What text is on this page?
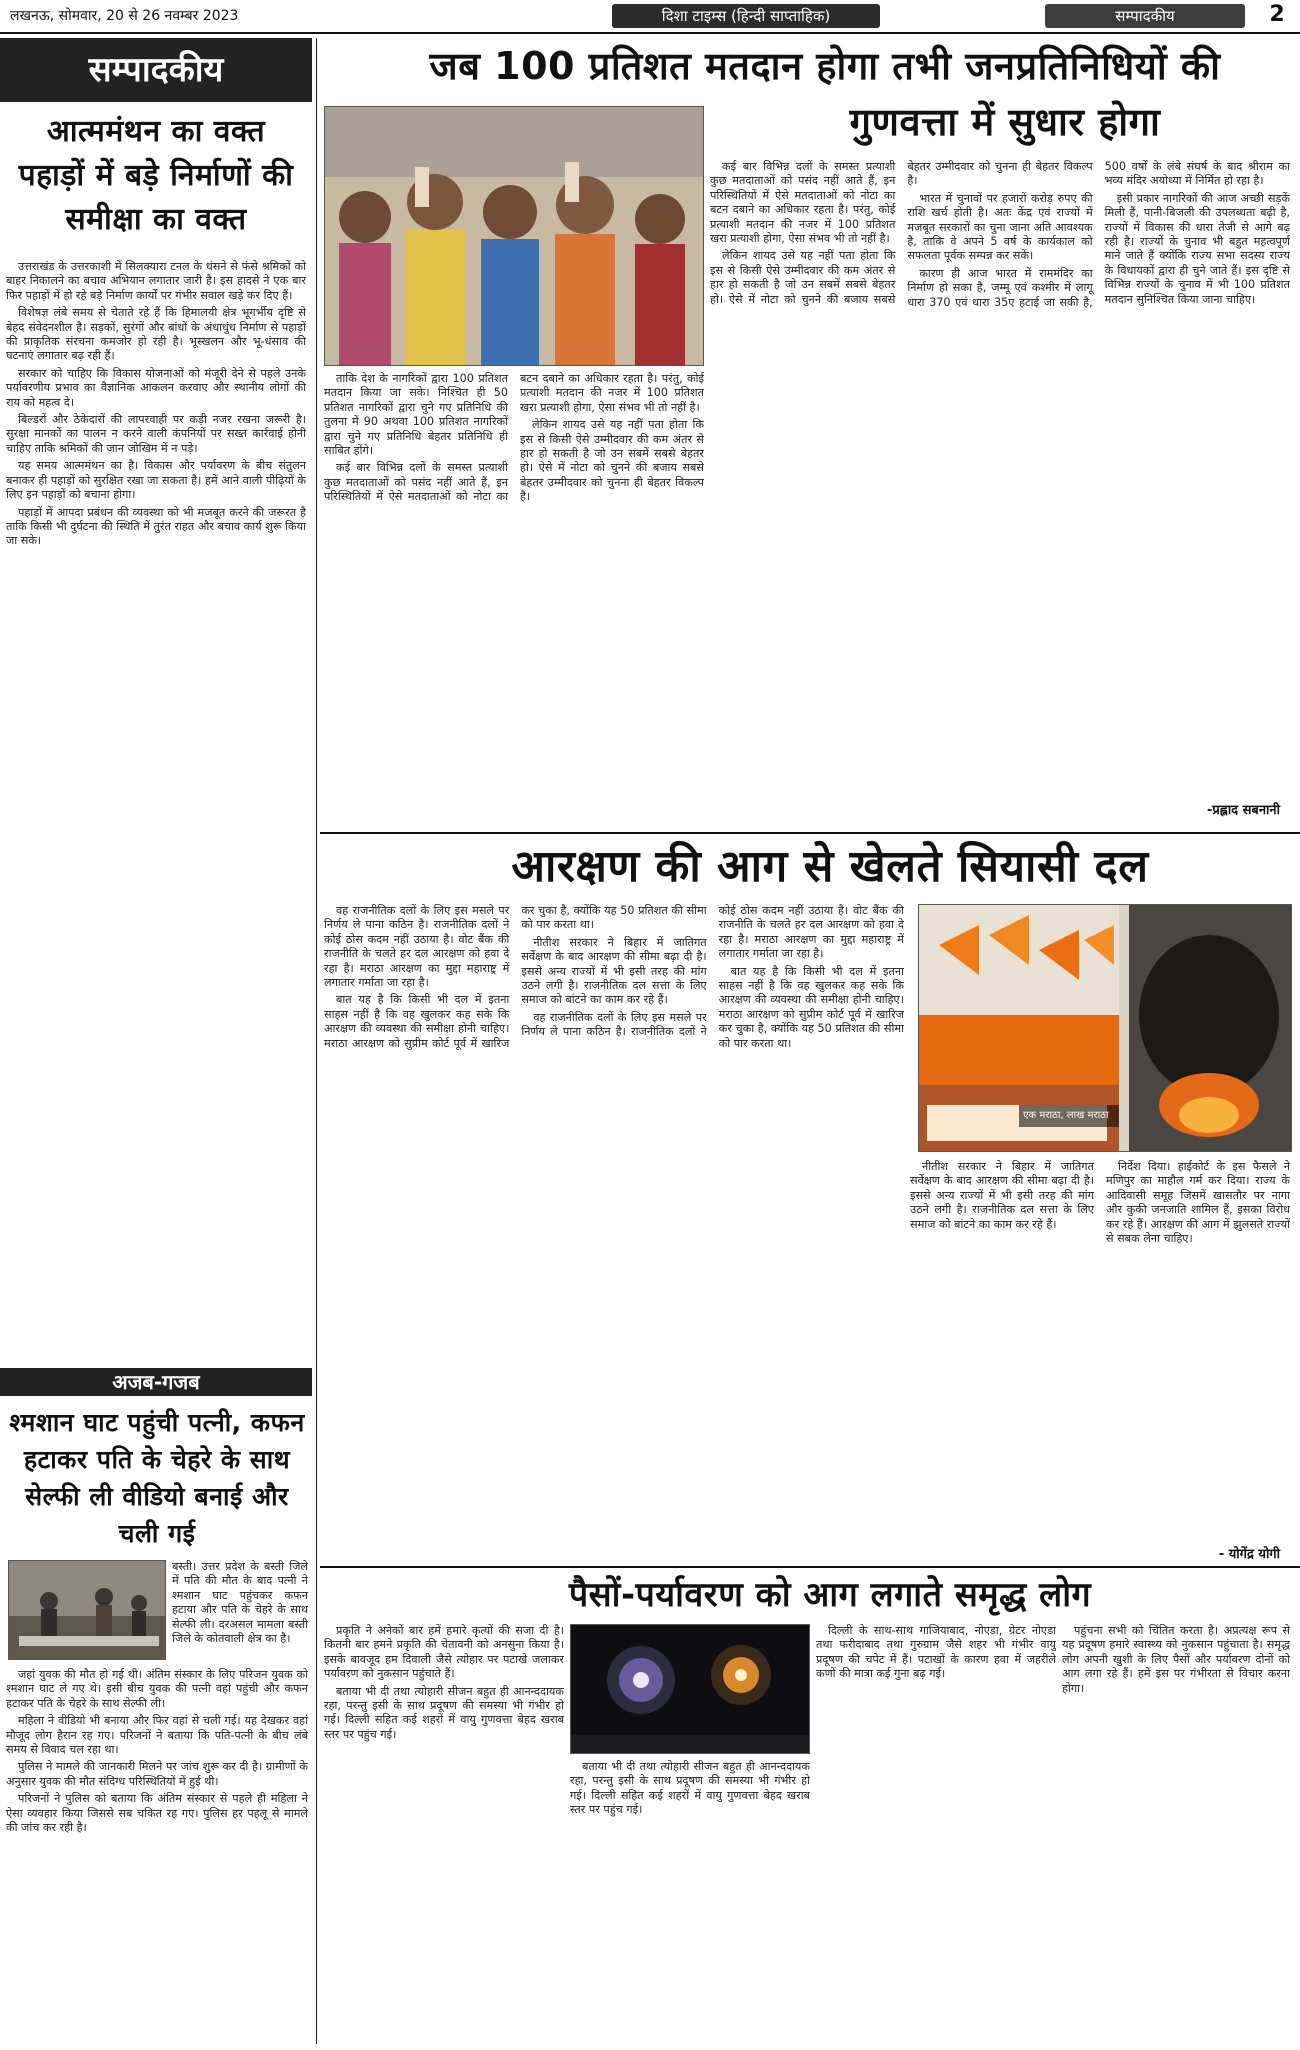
लखनऊ, सोमवार, 20 से 26 नवम्बर 2023	दिशा टाइम्स (हिन्दी साप्ताहिक)	सम्पादकीय	2
सम्पादकीय
आत्ममंथन का वक्त पहाड़ों में बड़े निर्माणों की समीक्षा का वक्त

उत्तराखंड के उत्तरकाशी में सिलक्यारा टनल के धंसने से फंसे श्रमिकों को बाहर निकालने का बचाव अभियान लगातार जारी है। इस हादसे ने एक बार फिर पहाड़ों में हो रहे बड़े निर्माण कार्यों पर गंभीर सवाल खड़े कर दिए हैं।

विशेषज्ञ लंबे समय से चेताते रहे हैं कि हिमालयी क्षेत्र भूगर्भीय दृष्टि से बेहद संवेदनशील है। सड़कों, सुरंगों और बांधों के अंधाधुंध निर्माण से पहाड़ों की प्राकृतिक संरचना कमजोर हो रही है। भूस्खलन और भू-धंसाव की घटनाएं लगातार बढ़ रही हैं।

सरकार को चाहिए कि विकास योजनाओं को मंजूरी देने से पहले उनके पर्यावरणीय प्रभाव का वैज्ञानिक आकलन करवाए और स्थानीय लोगों की राय को महत्व दे।

बिल्डरों और ठेकेदारों की लापरवाही पर कड़ी नजर रखना जरूरी है। सुरक्षा मानकों का पालन न करने वाली कंपनियों पर सख्त कार्रवाई होनी चाहिए ताकि श्रमिकों की जान जोखिम में न पड़े।

यह समय आत्ममंथन का है। विकास और पर्यावरण के बीच संतुलन बनाकर ही पहाड़ों को सुरक्षित रखा जा सकता है। हमें आने वाली पीढ़ियों के लिए इन पहाड़ों को बचाना होगा।

पहाड़ों में आपदा प्रबंधन की व्यवस्था को भी मजबूत करने की जरूरत है ताकि किसी भी दुर्घटना की स्थिति में तुरंत राहत और बचाव कार्य शुरू किया जा सके।

अजब-गजब
श्मशान घाट पहुंची पत्नी, कफन हटाकर पति के चेहरे के साथ सेल्फी ली वीडियो बनाई और चली गई
बस्ती। उत्तर प्रदेश के बस्ती जिले में पति की मौत के बाद पत्नी ने श्मशान घाट पहुंचकर कफन हटाया और पति के चेहरे के साथ सेल्फी ली। दरअसल मामला बस्ती जिले के कोतवाली क्षेत्र का है।

जहां युवक की मौत हो गई थी। अंतिम संस्कार के लिए परिजन युवक को श्मशान घाट ले गए थे। इसी बीच युवक की पत्नी वहां पहुंची और कफन हटाकर पति के चेहरे के साथ सेल्फी ली।

महिला ने वीडियो भी बनाया और फिर वहां से चली गई। यह देखकर वहां मौजूद लोग हैरान रह गए। परिजनों ने बताया कि पति-पत्नी के बीच लंबे समय से विवाद चल रहा था।

पुलिस ने मामले की जानकारी मिलने पर जांच शुरू कर दी है। ग्रामीणों के अनुसार युवक की मौत संदिग्ध परिस्थितियों में हुई थी।

परिजनों ने पुलिस को बताया कि अंतिम संस्कार से पहले ही महिला ने ऐसा व्यवहार किया जिससे सब चकित रह गए। पुलिस हर पहलू से मामले की जांच कर रही है।

जब 100 प्रतिशत मतदान होगा तभी जनप्रतिनिधियों की
गुणवत्ता में सुधार होगा

ताकि देश के नागरिकों द्वारा 100 प्रतिशत मतदान किया जा सके। निश्चित ही 50 प्रतिशत नागरिकों द्वारा चुने गए प्रतिनिधि की तुलना में 90 अथवा 100 प्रतिशत नागरिकों द्वारा चुने गए प्रतिनिधि बेहतर प्रतिनिधि ही साबित होंगे।

कई बार विभिन्न दलों के समस्त प्रत्याशी कुछ मतदाताओं को पसंद नहीं आते हैं, इन परिस्थितियों में ऐसे मतदाताओं को नोटा का बटन दबाने का अधिकार रहता है। परंतु, कोई प्रत्याशी मतदान की नजर में 100 प्रतिशत खरा प्रत्याशी होगा, ऐसा संभव भी तो नहीं है।

लेकिन शायद उसे यह नहीं पता होता कि इस से किसी ऐसे उम्मीदवार की कम अंतर से हार हो सकती है जो उन सबमें सबसे बेहतर हो। ऐसे में नोटा को चुनने की बजाय सबसे बेहतर उम्मीदवार को चुनना ही बेहतर विकल्प है।

कई बार विभिन्न दलों के समस्त प्रत्याशी कुछ मतदाताओं को पसंद नहीं आते हैं, इन परिस्थितियों में ऐसे मतदाताओं को नोटा का बटन दबाने का अधिकार रहता है। परंतु, कोई प्रत्याशी मतदान की नजर में 100 प्रतिशत खरा प्रत्याशी होगा, ऐसा संभव भी तो नहीं है।

लेकिन शायद उसे यह नहीं पता होता कि इस से किसी ऐसे उम्मीदवार की कम अंतर से हार हो सकती है जो उन सबमें सबसे बेहतर हो। ऐसे में नोटा को चुनने की बजाय सबसे बेहतर उम्मीदवार को चुनना ही बेहतर विकल्प है।

भारत में चुनावों पर हजारों करोड़ रुपए की राशि खर्च होती है। अतः केंद्र एवं राज्यों में मजबूत सरकारों का चुना जाना अति आवश्यक है, ताकि वे अपने 5 वर्ष के कार्यकाल को सफलता पूर्वक सम्पन्न कर सकें।

कारण ही आज भारत में राममंदिर का निर्माण हो सका है, जम्मू एवं कश्मीर में लागू धारा 370 एवं धारा 35ए हटाई जा सकी है, 500 वर्षों के लंबे संघर्ष के बाद श्रीराम का भव्य मंदिर अयोध्या में निर्मित हो रहा है।

इसी प्रकार नागरिकों की आज अच्छी सड़कें मिली हैं, पानी-बिजली की उपलब्धता बढ़ी है, राज्यों में विकास की धारा तेजी से आगे बढ़ रही है। राज्यों के चुनाव भी बहुत महत्वपूर्ण माने जाते हैं क्योंकि राज्य सभा सदस्य राज्य के विधायकों द्वारा ही चुने जाते हैं। इस दृष्टि से विभिन्न राज्यों के चुनाव में भी 100 प्रतिशत मतदान सुनिश्चित किया जाना चाहिए।

-प्रह्लाद सबनानी
आरक्षण की आग से खेलते सियासी दल

वह राजनीतिक दलों के लिए इस मसले पर निर्णय ले पाना कठिन है। राजनीतिक दलों ने कोई ठोस कदम नहीं उठाया है। वोट बैंक की राजनीति के चलते हर दल आरक्षण को हवा दे रहा है। मराठा आरक्षण का मुद्दा महाराष्ट्र में लगातार गर्माता जा रहा है।

बात यह है कि किसी भी दल में इतना साहस नहीं है कि वह खुलकर कह सके कि आरक्षण की व्यवस्था की समीक्षा होनी चाहिए। मराठा आरक्षण को सुप्रीम कोर्ट पूर्व में खारिज कर चुका है, क्योंकि यह 50 प्रतिशत की सीमा को पार करता था।

नीतीश सरकार ने बिहार में जातिगत सर्वेक्षण के बाद आरक्षण की सीमा बढ़ा दी है। इससे अन्य राज्यों में भी इसी तरह की मांग उठने लगी है। राजनीतिक दल सत्ता के लिए समाज को बांटने का काम कर रहे हैं।

वह राजनीतिक दलों के लिए इस मसले पर निर्णय ले पाना कठिन है। राजनीतिक दलों ने कोई ठोस कदम नहीं उठाया है। वोट बैंक की राजनीति के चलते हर दल आरक्षण को हवा दे रहा है। मराठा आरक्षण का मुद्दा महाराष्ट्र में लगातार गर्माता जा रहा है।

बात यह है कि किसी भी दल में इतना साहस नहीं है कि वह खुलकर कह सके कि आरक्षण की व्यवस्था की समीक्षा होनी चाहिए। मराठा आरक्षण को सुप्रीम कोर्ट पूर्व में खारिज कर चुका है, क्योंकि यह 50 प्रतिशत की सीमा को पार करता था।

एक मराठा, लाख मराठा

नीतीश सरकार ने बिहार में जातिगत सर्वेक्षण के बाद आरक्षण की सीमा बढ़ा दी है। इससे अन्य राज्यों में भी इसी तरह की मांग उठने लगी है। राजनीतिक दल सत्ता के लिए समाज को बांटने का काम कर रहे हैं।

निर्देश दिया। हाईकोर्ट के इस फैसले ने मणिपुर का माहौल गर्म कर दिया। राज्य के आदिवासी समूह जिसमें खासतौर पर नागा और कुकी जनजाति शामिल हैं, इसका विरोध कर रहे हैं। आरक्षण की आग में झुलसते राज्यों से सबक लेना चाहिए।

- योगेंद्र योगी
पैसों-पर्यावरण को आग लगाते समृद्ध लोग

प्रकृति ने अनेकों बार हमें हमारे कृत्यों की सजा दी है। कितनी बार हमने प्रकृति की चेतावनी को अनसुना किया है। इसके बावजूद हम दिवाली जैसे त्योहार पर पटाखे जलाकर पर्यावरण को नुकसान पहुंचाते हैं।

बताया भी दी तथा त्योहारी सीजन बहुत ही आनन्ददायक रहा, परन्तु इसी के साथ प्रदूषण की समस्या भी गंभीर हो गई। दिल्ली सहित कई शहरों में वायु गुणवत्ता बेहद खराब स्तर पर पहुंच गई।

बताया भी दी तथा त्योहारी सीजन बहुत ही आनन्ददायक रहा, परन्तु इसी के साथ प्रदूषण की समस्या भी गंभीर हो गई। दिल्ली सहित कई शहरों में वायु गुणवत्ता बेहद खराब स्तर पर पहुंच गई।

दिल्ली के साथ-साथ गाजियाबाद, नोएडा, ग्रेटर नोएडा तथा फरीदाबाद तथा गुरुग्राम जैसे शहर भी गंभीर वायु प्रदूषण की चपेट में हैं। पटाखों के कारण हवा में जहरीले कणों की मात्रा कई गुना बढ़ गई।

पहुंचना सभी को चिंतित करता है। अप्रत्यक्ष रूप से यह प्रदूषण हमारे स्वास्थ्य को नुकसान पहुंचाता है। समृद्ध लोग अपनी खुशी के लिए पैसों और पर्यावरण दोनों को आग लगा रहे हैं। हमें इस पर गंभीरता से विचार करना होगा।
